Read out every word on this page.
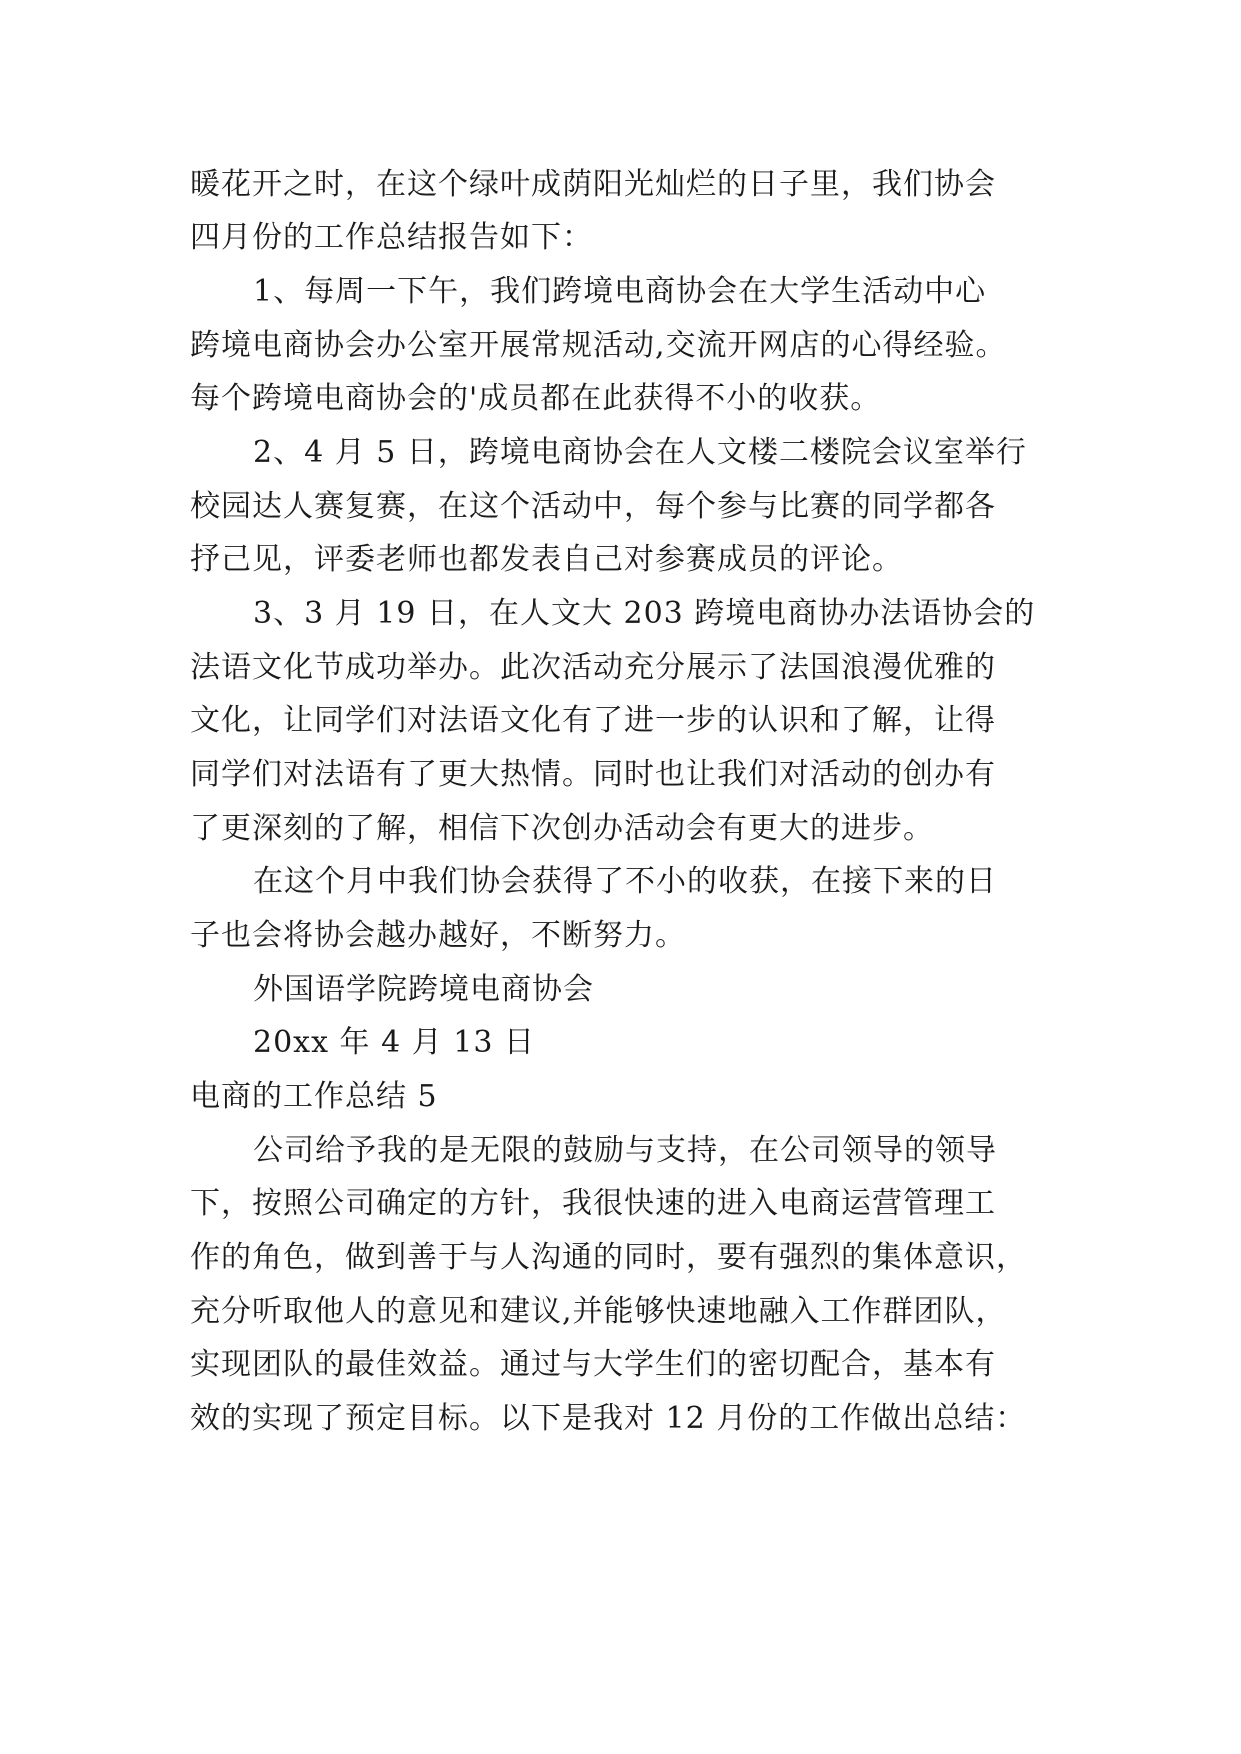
暖花开之时，在这个绿叶成荫阳光灿烂的日子里，我们协会
四月份的工作总结报告如下：
1、每周一下午，我们跨境电商协会在大学生活动中心
跨境电商协会办公室开展常规活动,交流开网店的心得经验。
每个跨境电商协会的'成员都在此获得不小的收获。
2、4 月 5 日，跨境电商协会在人文楼二楼院会议室举行
校园达人赛复赛，在这个活动中，每个参与比赛的同学都各
抒己见，评委老师也都发表自己对参赛成员的评论。
3、3 月 19 日，在人文大 203 跨境电商协办法语协会的
法语文化节成功举办。此次活动充分展示了法国浪漫优雅的
文化，让同学们对法语文化有了进一步的认识和了解，让得
同学们对法语有了更大热情。同时也让我们对活动的创办有
了更深刻的了解，相信下次创办活动会有更大的进步。
在这个月中我们协会获得了不小的收获，在接下来的日
子也会将协会越办越好，不断努力。
外国语学院跨境电商协会
20xx 年 4 月 13 日
电商的工作总结 5
公司给予我的是无限的鼓励与支持，在公司领导的领导
下，按照公司确定的方针，我很快速的进入电商运营管理工
作的角色，做到善于与人沟通的同时，要有强烈的集体意识，
充分听取他人的意见和建议,并能够快速地融入工作群团队，
实现团队的最佳效益。通过与大学生们的密切配合，基本有
效的实现了预定目标。以下是我对 12 月份的工作做出总结：
